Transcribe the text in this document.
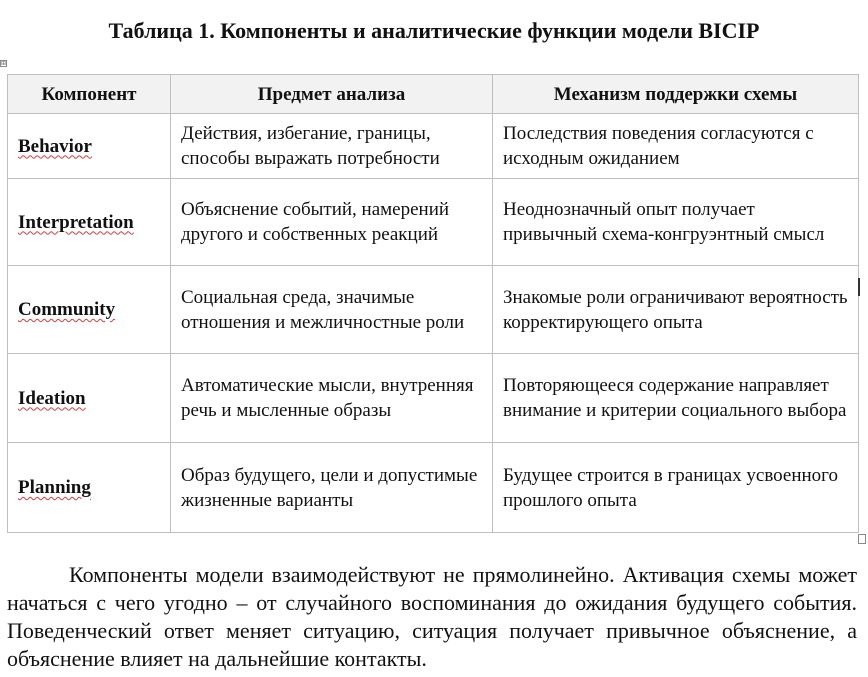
Таблица 1. Компоненты и аналитические функции модели BICIP
⊞
Компонент	Предмет анализа	Механизм поддержки схемы
Behavior	Действия, избегание, границы, способы выражать потребности	Последствия поведения согласуются с исходным ожиданием
Interpretation	Объяснение событий, намерений другого и собственных реакций	Неоднозначный опыт получает привычный схема-конгруэнтный смысл
Community	Социальная среда, значимые отношения и межличностные роли	Знакомые роли ограничивают вероятность корректирующего опыта
Ideation	Автоматические мысли, внутренняя речь и мысленные образы	Повторяющееся содержание направляет внимание и критерии социального выбора
Planning	Образ будущего, цели и допустимые жизненные варианты	Будущее строится в границах усвоенного прошлого опыта
Компоненты модели взаимодействуют не прямолинейно. Активация схемы может начаться с чего угодно – от случайного воспоминания до ожидания будущего события. Поведенческий ответ меняет ситуацию, ситуация получает привычное объяснение, а объяснение влияет на дальнейшие контакты.
